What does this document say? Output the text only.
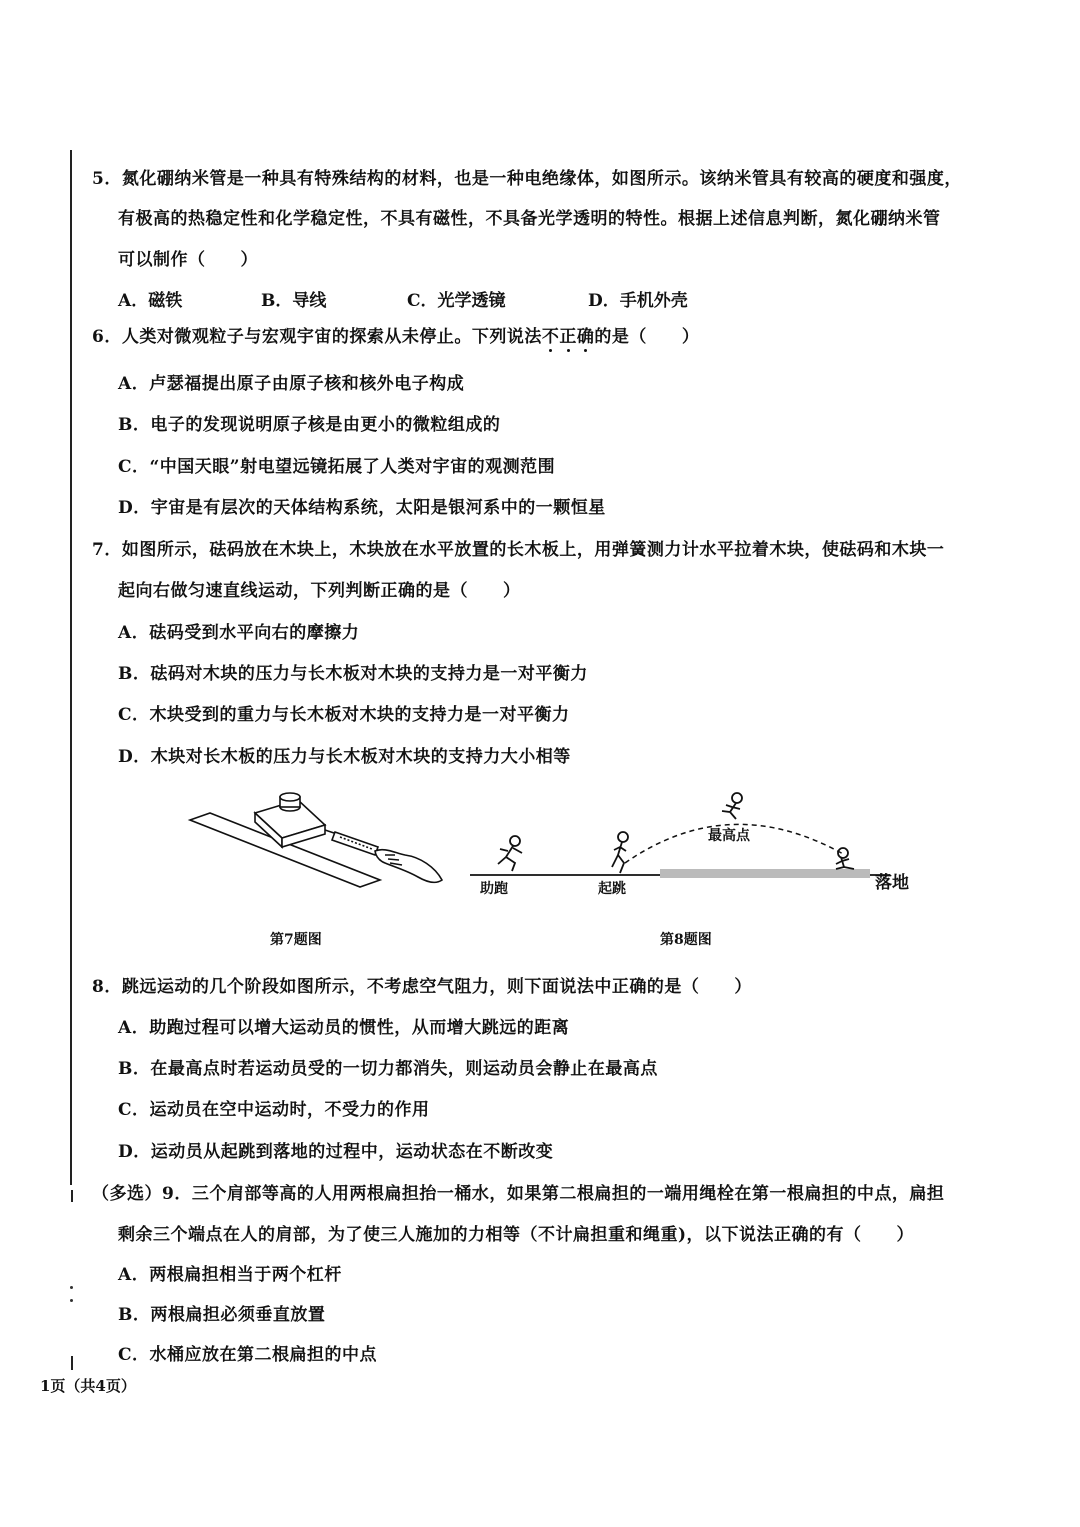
5．氮化硼纳米管是一种具有特殊结构的材料，也是一种电绝缘体，如图所示。该纳米管具有较高的硬度和强度，
有极高的热稳定性和化学稳定性，不具有磁性，不具备光学透明的特性。根据上述信息判断，氮化硼纳米管
可以制作（　　）
A．磁铁	B．导线	C．光学透镜	D．手机外壳
6．人类对微观粒子与宏观宇宙的探索从未停止。下列说法不正确的是（　　）
A．卢瑟福提出原子由原子核和核外电子构成
B．电子的发现说明原子核是由更小的微粒组成的
C．“中国天眼”射电望远镜拓展了人类对宇宙的观测范围
D．宇宙是有层次的天体结构系统，太阳是银河系中的一颗恒星
7．如图所示，砝码放在木块上，木块放在水平放置的长木板上，用弹簧测力计水平拉着木块，使砝码和木块一
起向右做匀速直线运动，下列判断正确的是（　　）
A．砝码受到水平向右的摩擦力
B．砝码对木块的压力与长木板对木块的支持力是一对平衡力
C．木块受到的重力与长木板对木块的支持力是一对平衡力
D．木块对长木板的压力与长木板对木块的支持力大小相等
助跑	起跳
最高点
落地
第7题图	第8题图
8．跳远运动的几个阶段如图所示，不考虑空气阻力，则下面说法中正确的是（　　）
A．助跑过程可以增大运动员的惯性，从而增大跳远的距离
B．在最高点时若运动员受的一切力都消失，则运动员会静止在最高点
C．运动员在空中运动时，不受力的作用
D．运动员从起跳到落地的过程中，运动状态在不断改变
（多选）9．三个肩部等高的人用两根扁担抬一桶水，如果第二根扁担的一端用绳栓在第一根扁担的中点，扁担
剩余三个端点在人的肩部，为了使三人施加的力相等（不计扁担重和绳重)，以下说法正确的有（　　）
A．两根扁担相当于两个杠杆
B．两根扁担必须垂直放置
C．水桶应放在第二根扁担的中点
1页（共4页）
